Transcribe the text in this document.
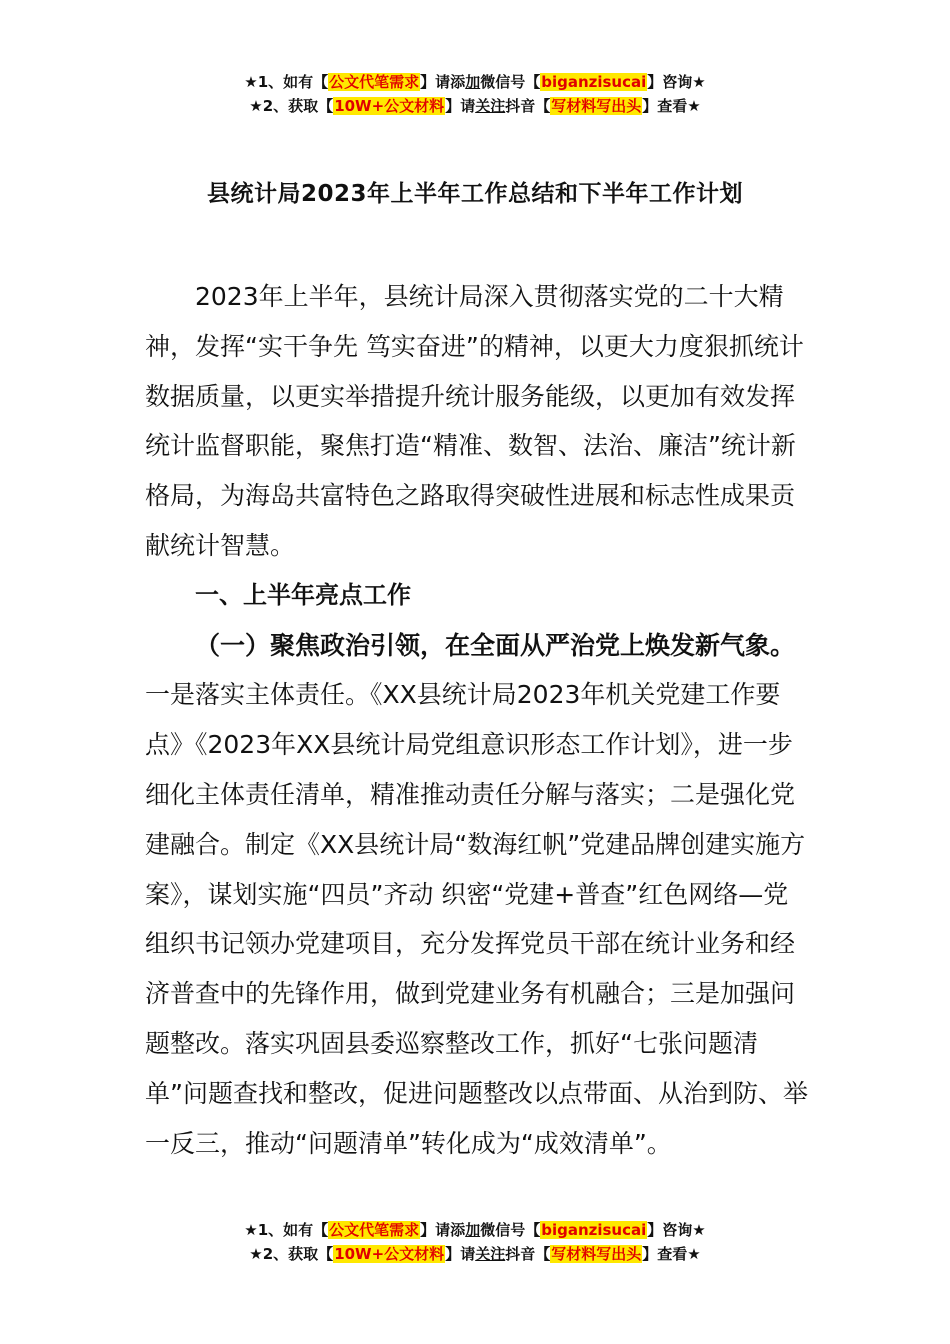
★1、如有【公文代笔需求】请添加微信号【biganzisucai】咨询★
★2、获取【10W+公文材料】请关注抖音【写材料写出头】查看★
县统计局2023年上半年工作总结和下半年工作计划

2023年上半年，县统计局深入贯彻落实党的二十大精神，发挥“实干争先 笃实奋进”的精神，以更大力度狠抓统计数据质量，以更实举措提升统计服务能级，以更加有效发挥统计监督职能，聚焦打造“精准、数智、法治、廉洁”统计新格局，为海岛共富特色之路取得突破性进展和标志性成果贡献统计智慧。

一、上半年亮点工作

（一）聚焦政治引领，在全面从严治党上焕发新气象。一是落实主体责任。《XX县统计局2023年机关党建工作要点》《2023年XX县统计局党组意识形态工作计划》，进一步细化主体责任清单，精准推动责任分解与落实；二是强化党建融合。制定《XX县统计局“数海红帆”党建品牌创建实施方案》，谋划实施“四员”齐动 织密“党建+普查”红色网络—党组织书记领办党建项目，充分发挥党员干部在统计业务和经济普查中的先锋作用，做到党建业务有机融合；三是加强问题整改。落实巩固县委巡察整改工作，抓好“七张问题清单”问题查找和整改，促进问题整改以点带面、从治到防、举一反三，推动“问题清单”转化成为“成效清单”。

★1、如有【公文代笔需求】请添加微信号【biganzisucai】咨询★
★2、获取【10W+公文材料】请关注抖音【写材料写出头】查看★
